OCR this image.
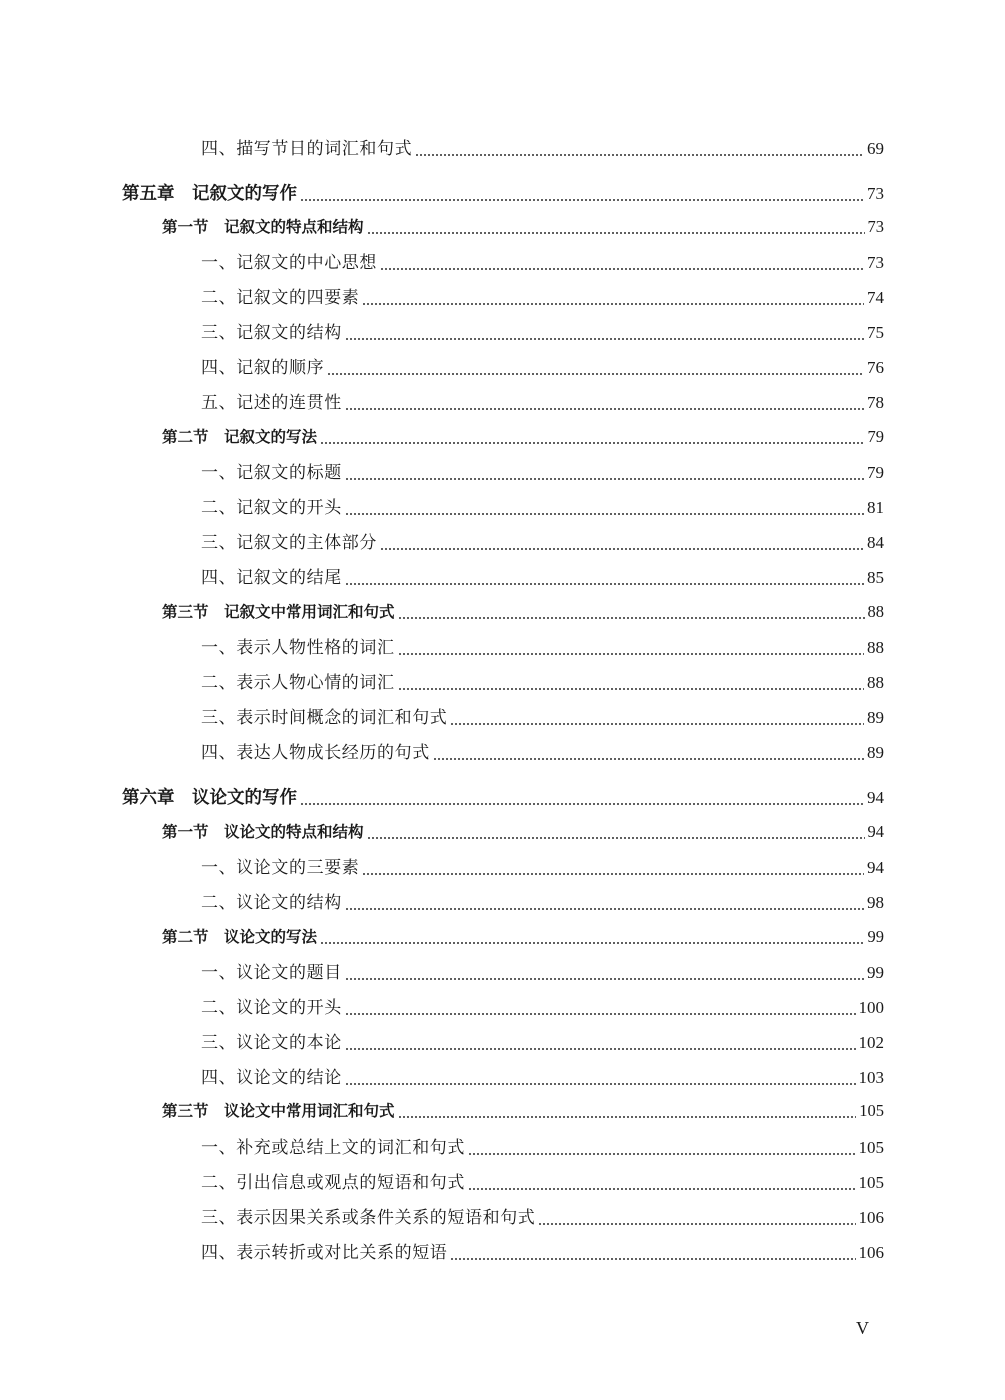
四、描写节日的词汇和句式	69
第五章　记叙文的写作	73
第一节　记叙文的特点和结构	73
一、记叙文的中心思想	73
二、记叙文的四要素	74
三、记叙文的结构	75
四、记叙的顺序	76
五、记述的连贯性	78
第二节　记叙文的写法	79
一、记叙文的标题	79
二、记叙文的开头	81
三、记叙文的主体部分	84
四、记叙文的结尾	85
第三节　记叙文中常用词汇和句式	88
一、表示人物性格的词汇	88
二、表示人物心情的词汇	88
三、表示时间概念的词汇和句式	89
四、表达人物成长经历的句式	89
第六章　议论文的写作	94
第一节　议论文的特点和结构	94
一、议论文的三要素	94
二、议论文的结构	98
第二节　议论文的写法	99
一、议论文的题目	99
二、议论文的开头	100
三、议论文的本论	102
四、议论文的结论	103
第三节　议论文中常用词汇和句式	105
一、补充或总结上文的词汇和句式	105
二、引出信息或观点的短语和句式	105
三、表示因果关系或条件关系的短语和句式	106
四、表示转折或对比关系的短语	106
V
